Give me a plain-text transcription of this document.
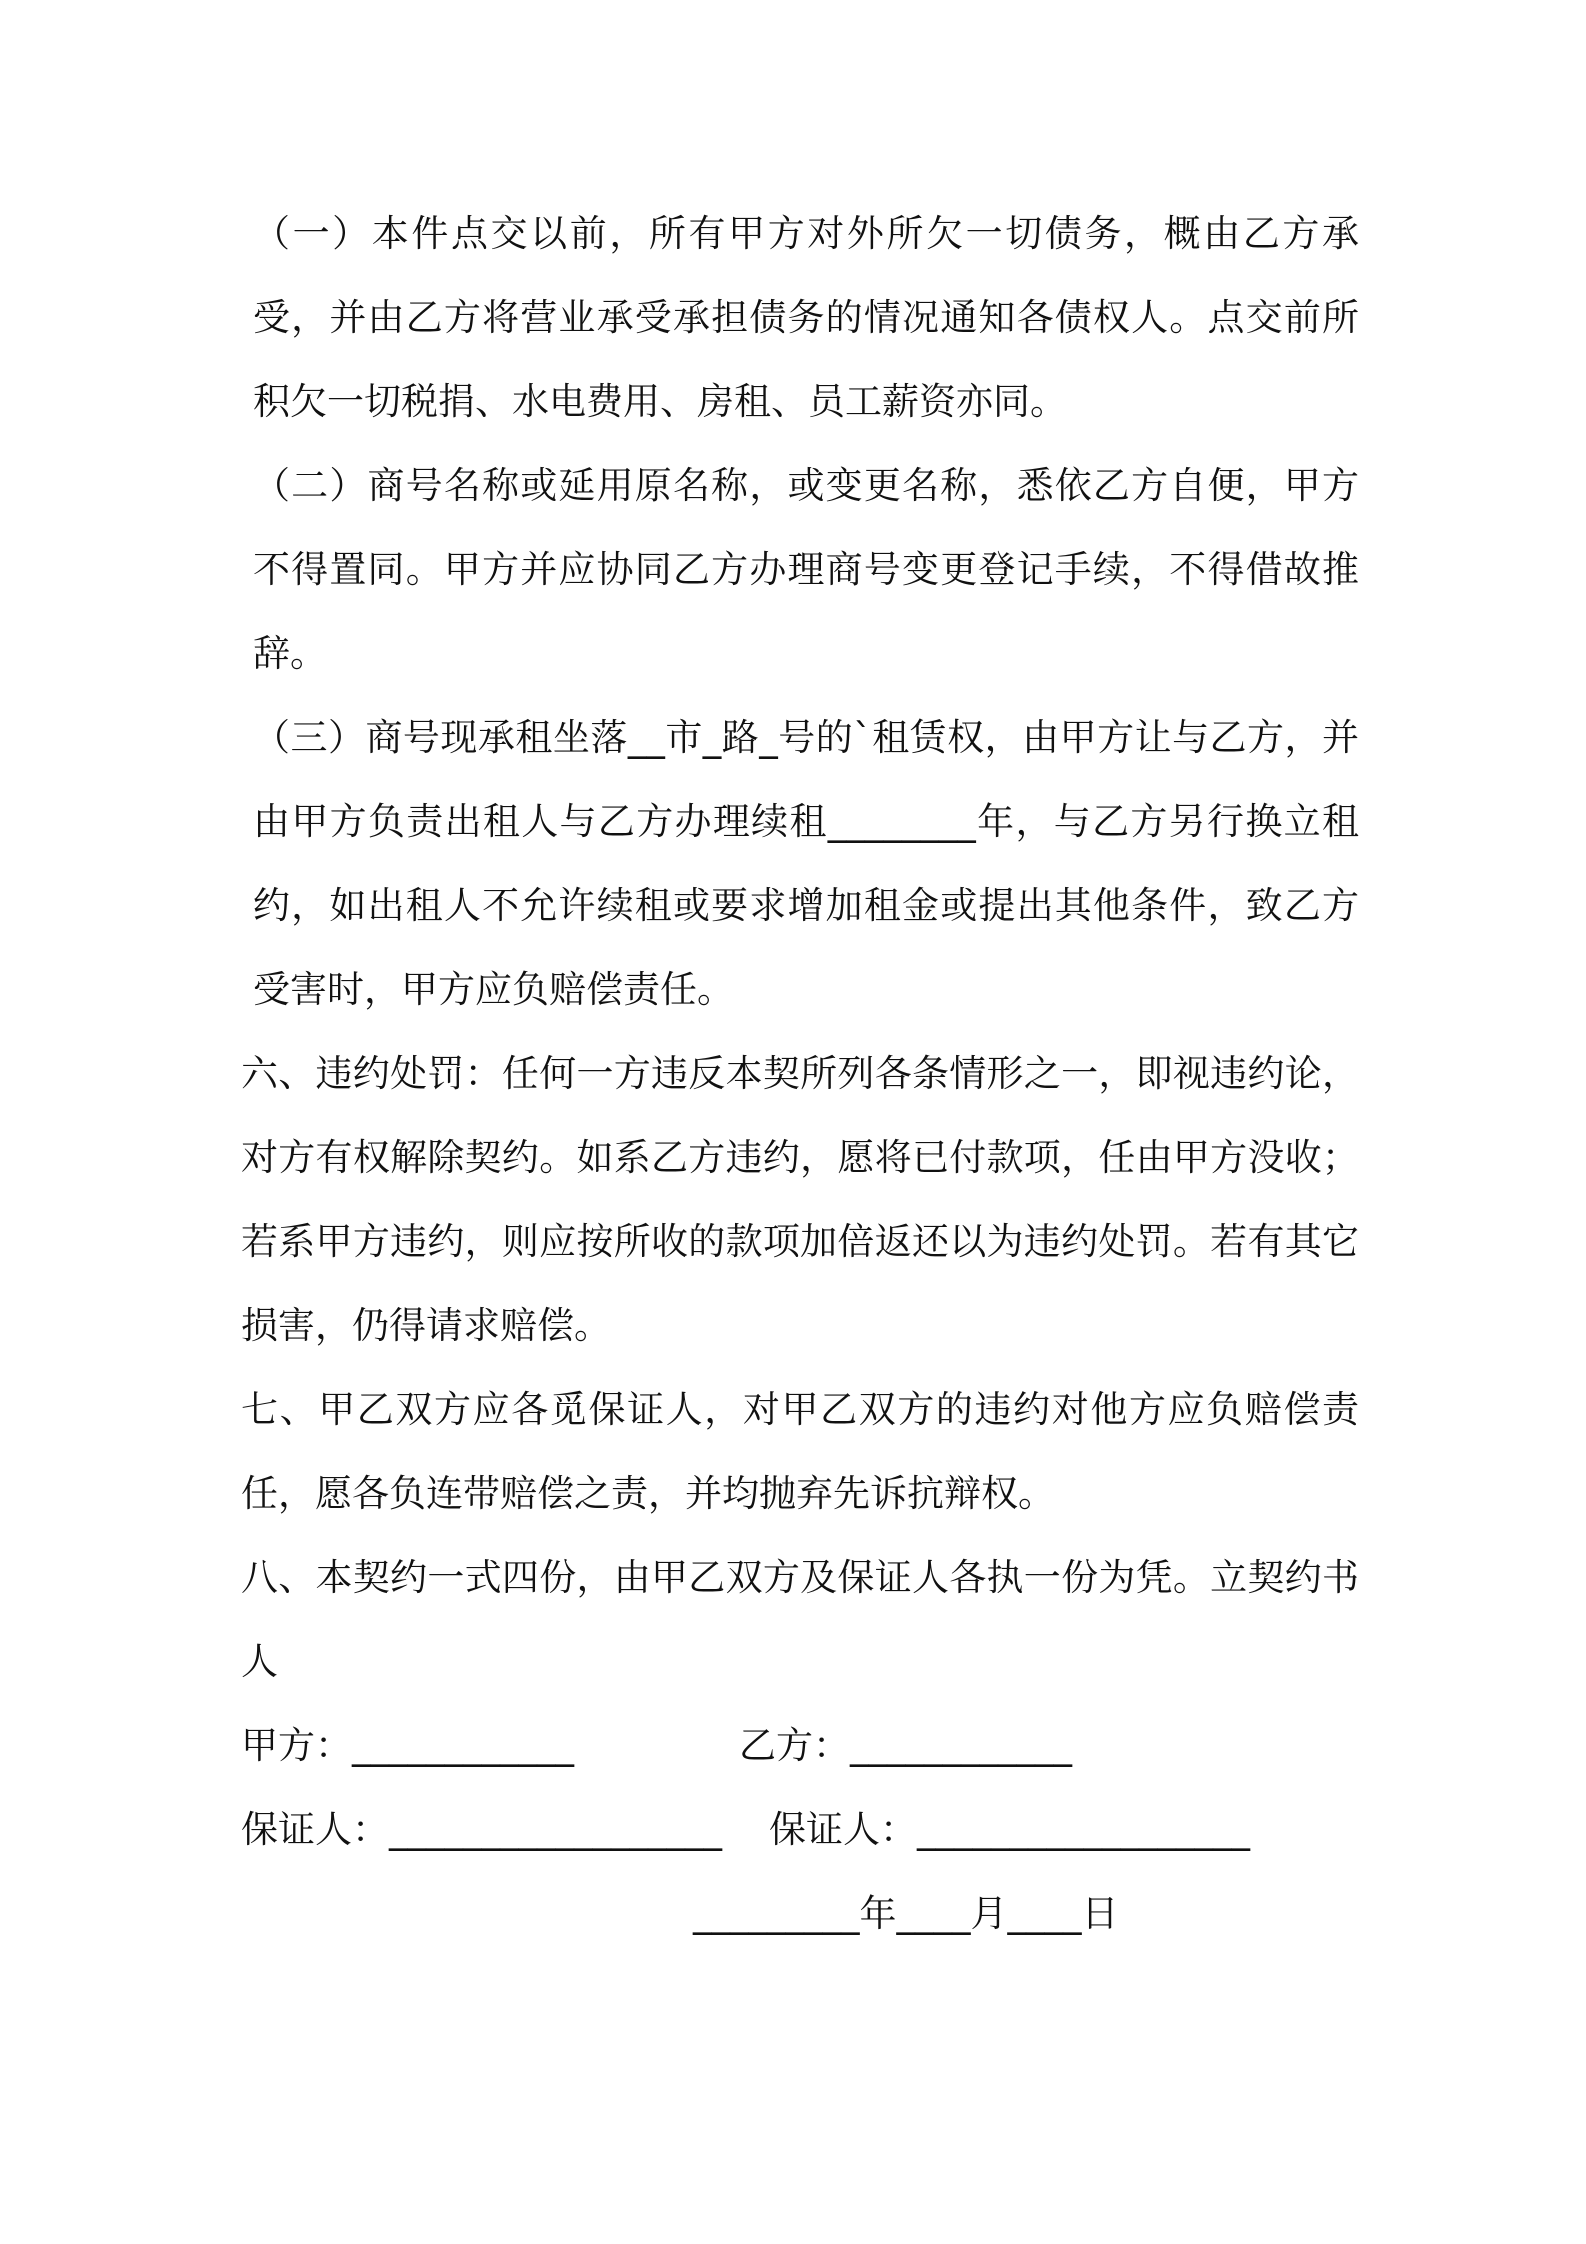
（一）本件点交以前，所有甲方对外所欠一切债务，概由乙方承受，并由乙方将营业承受承担债务的情况通知各债权人。点交前所积欠一切税捐、水电费用、房租、员工薪资亦同。

（二）商号名称或延用原名称，或变更名称，悉依乙方自便，甲方不得置同。甲方并应协同乙方办理商号变更登记手续，不得借故推辞。

（三）商号现承租坐落__市_路_号的`租赁权，由甲方让与乙方，并由甲方负责出租人与乙方办理续租________年，与乙方另行换立租约，如出租人不允许续租或要求增加租金或提出其他条件，致乙方受害时，甲方应负赔偿责任。

六、违约处罚：任何一方违反本契所列各条情形之一，即视违约论，对方有权解除契约。如系乙方违约，愿将已付款项，任由甲方没收；若系甲方违约，则应按所收的款项加倍返还以为违约处罚。若有其它损害，仍得请求赔偿。

七、甲乙双方应各觅保证人，对甲乙双方的违约对他方应负赔偿责任，愿各负连带赔偿之责，并均抛弃先诉抗辩权。

八、本契约一式四份，由甲乙双方及保证人各执一份为凭。立契约书人

甲方：____________	乙方：____________
保证人：__________________ 保证人：__________________
_________年____月____日
